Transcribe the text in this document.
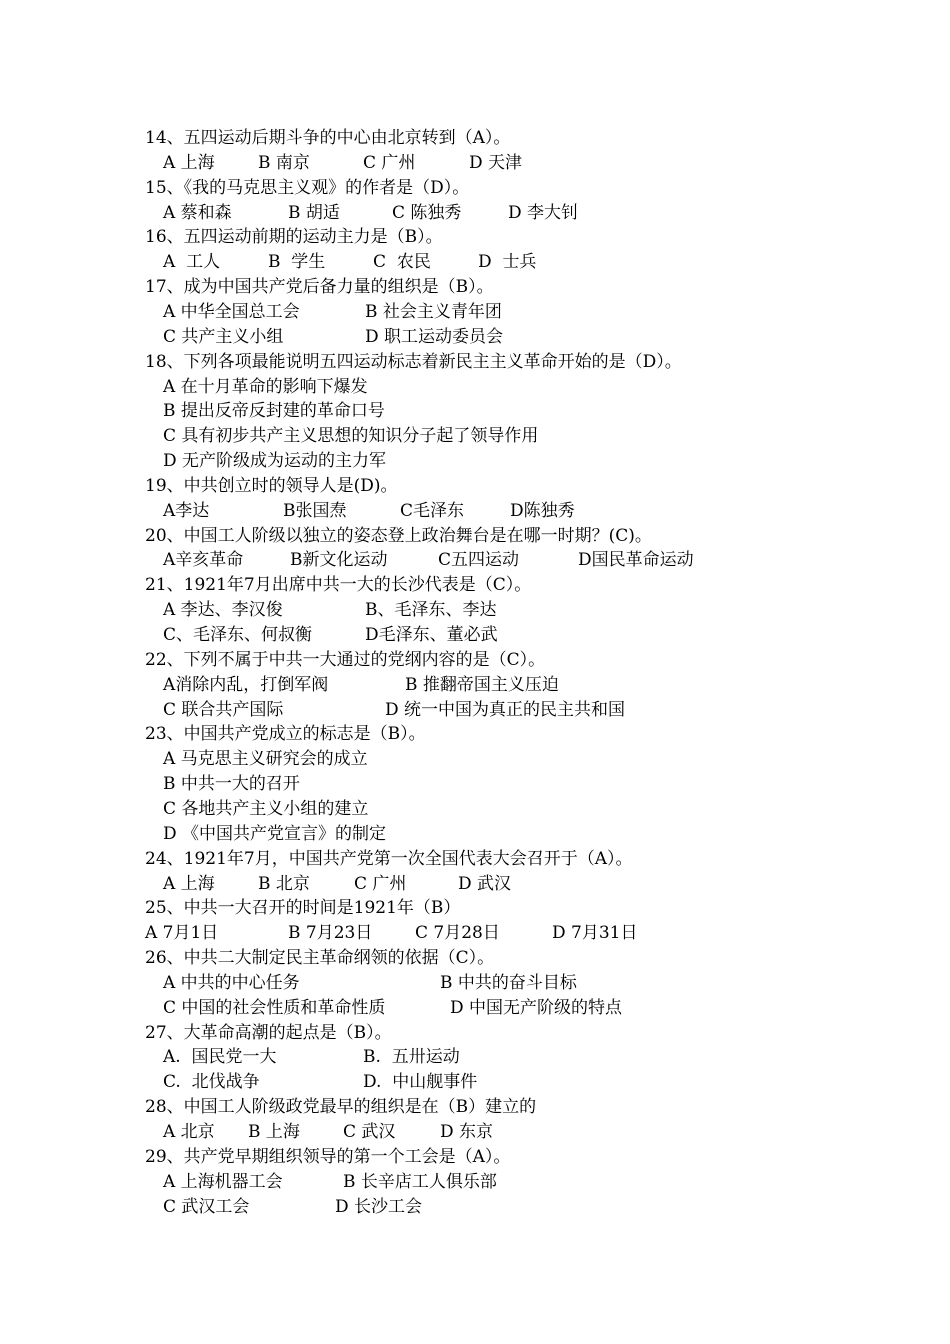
14、五四运动后期斗争的中心由北京转到（A）。
A 上海	B 南京	C 广州	D 天津
15、《我的马克思主义观》的作者是（D）。
A 蔡和森	B 胡适	C 陈独秀	D 李大钊
16、五四运动前期的运动主力是（B）。
A  工人	B  学生	C  农民	D  士兵
17、成为中国共产党后备力量的组织是（B）。
A 中华全国总工会	B 社会主义青年团
C 共产主义小组	D 职工运动委员会
18、下列各项最能说明五四运动标志着新民主主义革命开始的是（D）。
A 在十月革命的影响下爆发
B 提出反帝反封建的革命口号
C 具有初步共产主义思想的知识分子起了领导作用
D 无产阶级成为运动的主力军
19、中共创立时的领导人是(D)。
A李达	B张国焘	C毛泽东	D陈独秀
20、中国工人阶级以独立的姿态登上政治舞台是在哪一时期？(C)。
A辛亥革命	B新文化运动	C五四运动	D国民革命运动
21、1921年7月出席中共一大的长沙代表是（C）。
A 李达、李汉俊	B、毛泽东、李达
C、毛泽东、何叔衡	D毛泽东、董必武
22、下列不属于中共一大通过的党纲内容的是（C）。
A消除内乱，打倒军阀	B 推翻帝国主义压迫
C 联合共产国际	D 统一中国为真正的民主共和国
23、中国共产党成立的标志是（B）。
A 马克思主义研究会的成立
B 中共一大的召开
C 各地共产主义小组的建立
D 《中国共产党宣言》的制定
24、1921年7月，中国共产党第一次全国代表大会召开于（A）。
A 上海	B 北京	C 广州	D 武汉
25、中共一大召开的时间是1921年（B）
A 7月1日	B 7月23日	C 7月28日	D 7月31日
26、中共二大制定民主革命纲领的依据（C）。
A 中共的中心任务	B 中共的奋斗目标
C 中国的社会性质和革命性质	D 中国无产阶级的特点
27、大革命高潮的起点是（B）。
A.  国民党一大	B.  五卅运动
C.  北伐战争	D.  中山舰事件
28、中国工人阶级政党最早的组织是在（B）建立的
A 北京 B 上海	C 武汉	D 东京
29、共产党早期组织领导的第一个工会是（A）。
A 上海机器工会	B 长辛店工人俱乐部
C 武汉工会	D 长沙工会
